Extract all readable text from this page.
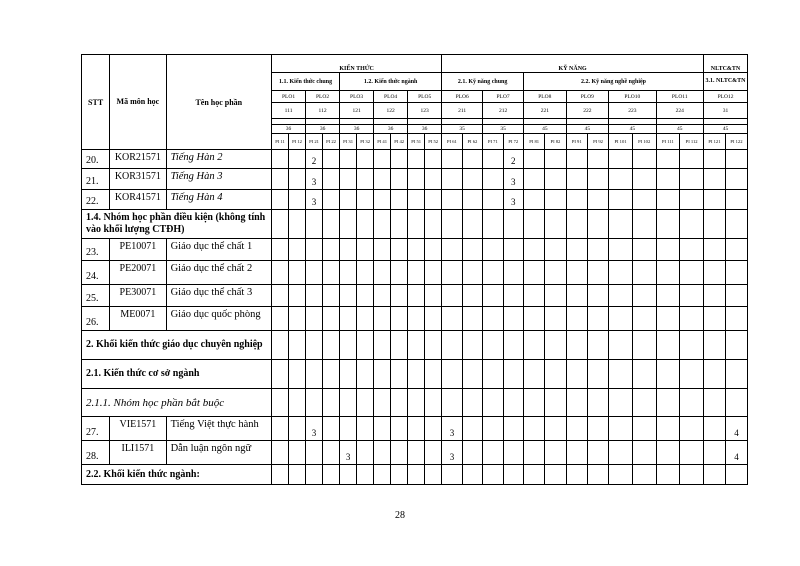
STT	Mã môn học	Tên học phần	KIẾN THỨC										KỸ NĂNG												NLTC&TN	
			1.1. Kiến thức chung				1.2. Kiến thức ngành						2.1. Kỹ năng chung				2.2. Kỹ năng nghề nghiệp								3.1. NLTC&TN	
			PLO1		PLO2		PLO3		PLO4		PLO5		PLO6		PLO7		PLO8		PLO9		PLO10		PLO11		PLO12	
			111		112		121		122		123		211		212		221		222		223		224		31	

			36		36		36		36		36		35		35		45		45		45		45		45	
			PI 11	PI 12	PI 21	PI 22	PI 31	PI 32	PI 41	PI 42	PI 51	PI 52	PI 61	PI 62	PI 71	PI 72	PI 81	PI 82	PI 91	PI 92	PI 101	PI 102	PI 111	PI 112	PI 121	PI 122
20.	KOR21571	Tiếng Hàn 2			2											2										
21.	KOR31571	Tiếng Hàn 3			3											3										
22.	KOR41571	Tiếng Hàn 4			3											3										
1.4. Nhóm học phần điều kiện (không tính vào khối lượng CTĐH)																										
23.	PE10071	Giáo dục thể chất 1																								
24.	PE20071	Giáo dục thể chất 2																								
25.	PE30071	Giáo dục thể chất 3																								
26.	ME0071	Giáo dục quốc phòng																								
2. Khối kiến thức giáo dục chuyên nghiệp																										
2.1. Kiến thức cơ sở ngành																										
2.1.1. Nhóm học phần bắt buộc																										
27.	VIE1571	Tiếng Việt thực hành			3								3													4
28.	ILI1571	Dẫn luận ngôn ngữ					3						3													4
2.2. Khối kiến thức ngành:																										
28
